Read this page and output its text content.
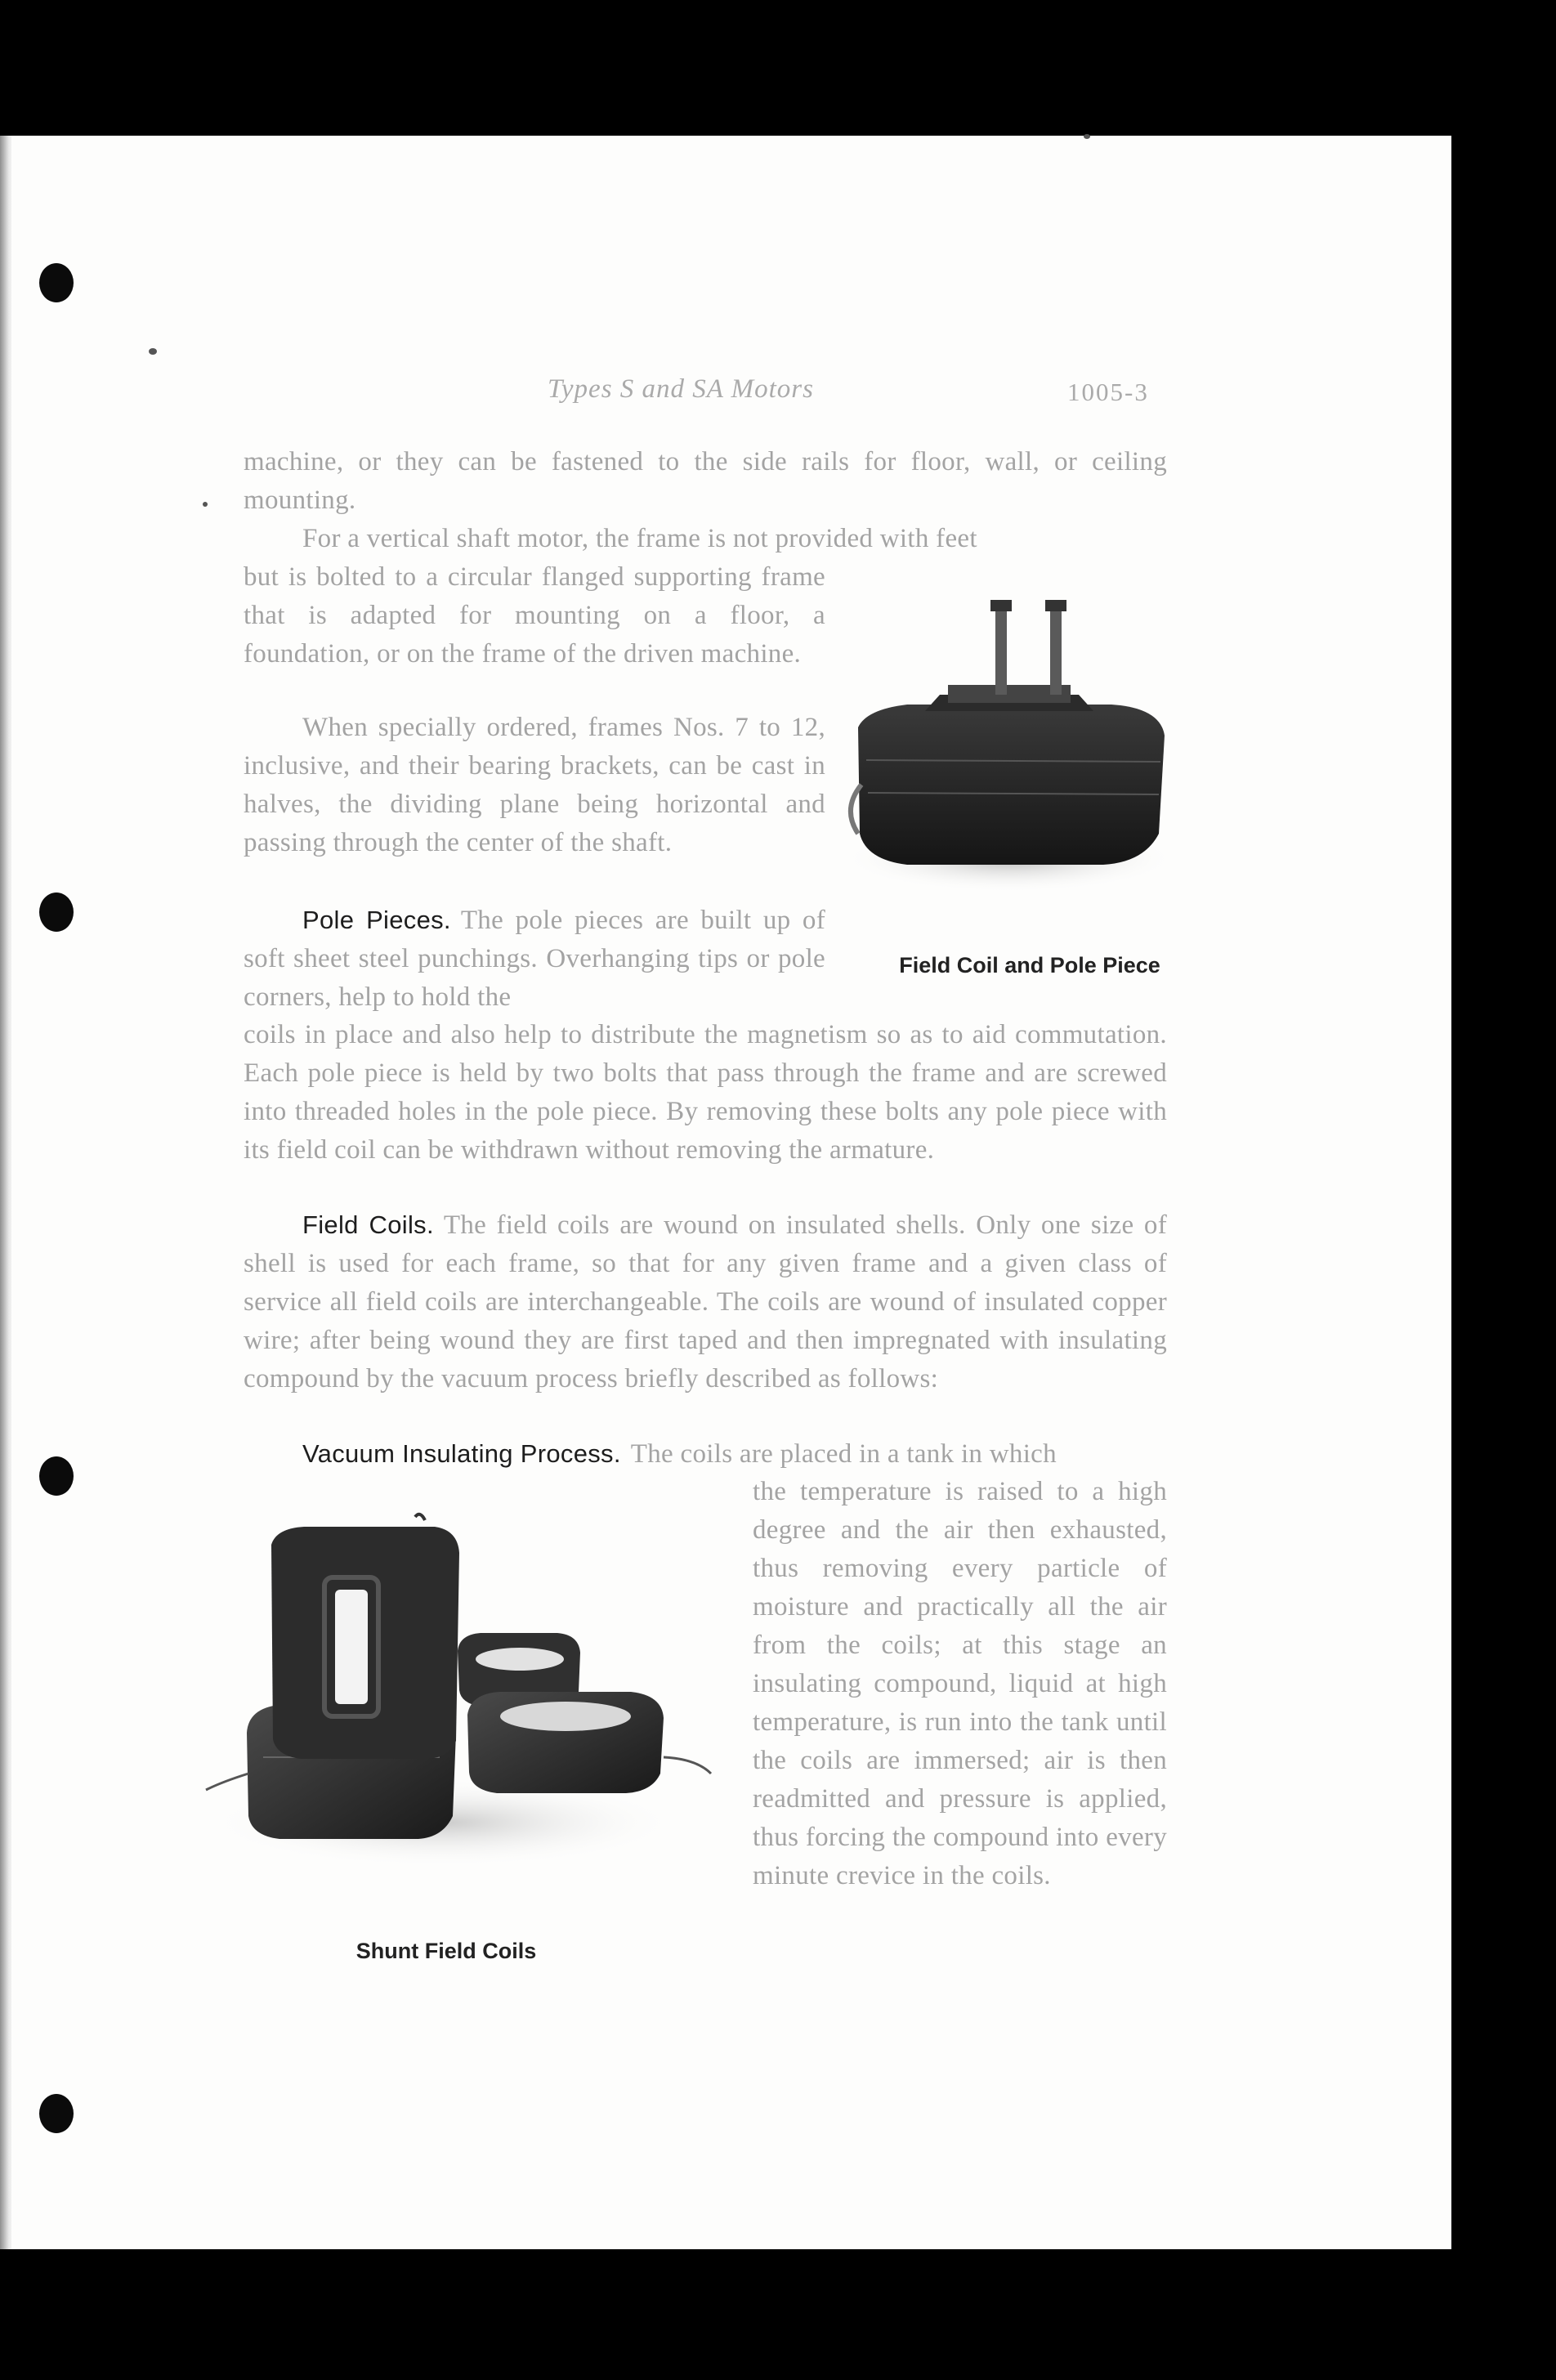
Types S and SA Motors	1005-3

machine, or they can be fastened to the side rails for floor, wall, or ceiling mounting.

For a vertical shaft motor, the frame is not provided with feet

but is bolted to a circular flanged supporting frame that is adapted for mounting on a floor, a foundation, or on the frame of the driven machine.

When specially ordered, frames Nos. 7 to 12, inclusive, and their bearing brackets, can be cast in halves, the dividing plane being horizontal and passing through the center of the shaft.

Pole Pieces. The pole pieces are built up of soft sheet steel punchings. Overhanging tips or pole corners, help to hold the

coils in place and also help to distribute the magnetism so as to aid commutation. Each pole piece is held by two bolts that pass through the frame and are screwed into threaded holes in the pole piece. By removing these bolts any pole piece with its field coil can be withdrawn without removing the armature.

Field Coils. The field coils are wound on insulated shells. Only one size of shell is used for each frame, so that for any given frame and a given class of service all field coils are interchangeable. The coils are wound of insulated copper wire; after being wound they are first taped and then impregnated with insulating compound by the vacuum process briefly described as follows:

Vacuum Insulating Process. The coils are placed in a tank in which

the temperature is raised to a high degree and the air then exhausted, thus removing every particle of moisture and practically all the air from the coils; at this stage an insulating compound, liquid at high temperature, is run into the tank until the coils are immersed; air is then readmitted and pressure is applied, thus forcing the compound into every minute crevice in the coils.

Field Coil and Pole Piece
Shunt Field Coils
